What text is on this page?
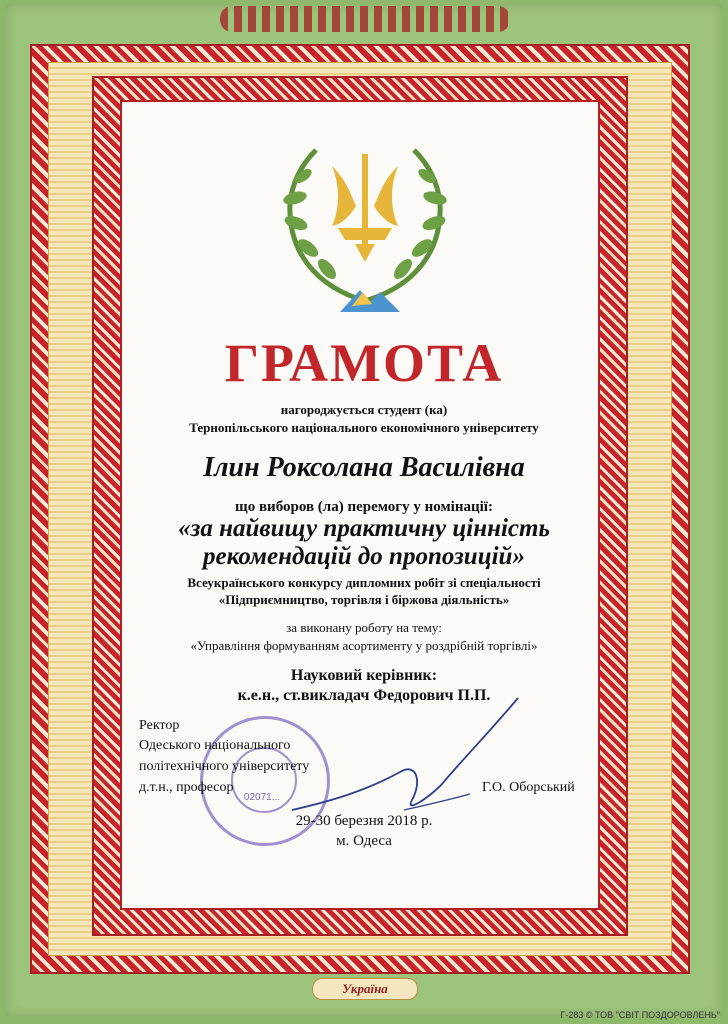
ГРАМОТА
нагороджується студент (ка)
Тернопільського національного економічного університету
Ілин Роксолана Василівна
що виборов (ла) перемогу у номінації:
«за найвищу практичну цінність
рекомендацій до пропозицій»
Всеукраїнського конкурсу дипломних робіт зі спеціальності
«Підприємництво, торгівля і біржова діяльність»
за виконану роботу на тему:
«Управління формуванням асортименту у роздрібній торгівлі»
Науковий керівник:
к.е.н., ст.викладач Федорович П.П.
02071...
Ректор
Одеського національного
політехнічного університету
д.т.н., професор	Г.О. Оборський
29-30 березня 2018 р.
м. Одеса
Україна
Г-283 © ТОВ "СВІТ ПОЗДОРОВЛЕНЬ"
